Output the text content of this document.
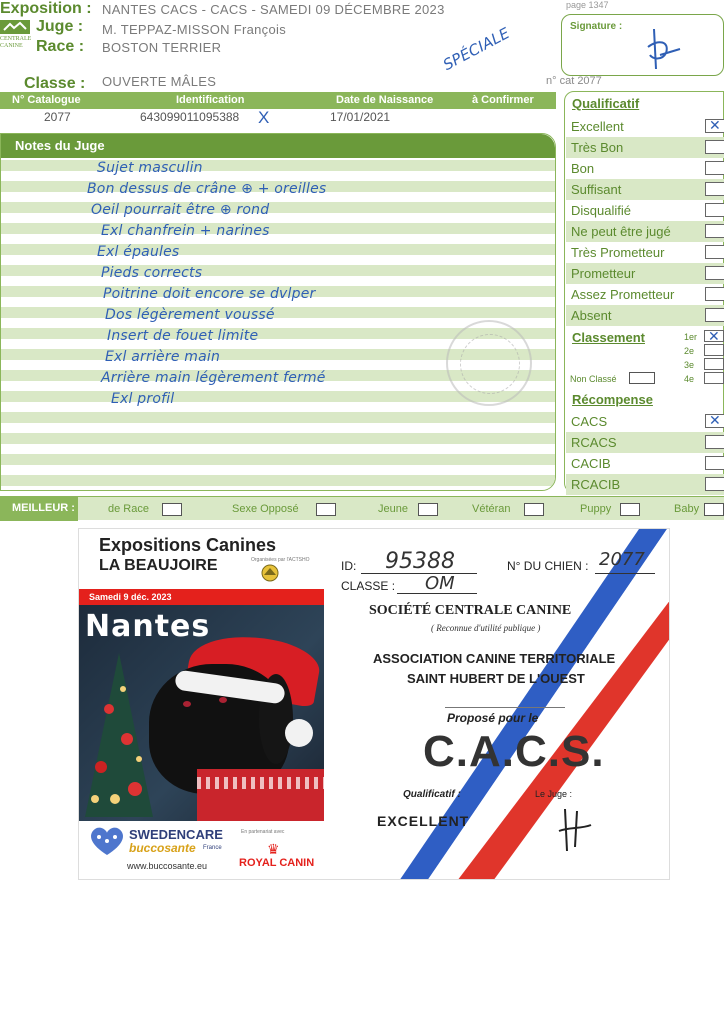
page 1347
Exposition : NANTES CACS - CACS - SAMEDI 09 DÉCEMBRE 2023
CENTRALE
CANINE
Juge : M. TEPPAZ-MISSON François
Race : BOSTON TERRIER
Classe : OUVERTE MÂLES
SPÉCIALE	Signature :
n° cat 2077
N° Catalogue	Identification	Date de Naissance	à Confirmer
2077	643099011095388 X	17/01/2021
Notes du Juge
Sujet masculin
Bon dessus de crâne ⊕ + oreilles
Oeil pourrait être ⊕ rond
Exl chanfrein + narines
Exl épaules
Pieds corrects
Poitrine doit encore se dvlper
Dos légèrement voussé
Insert de fouet limite
Exl arrière main
Arrière main légèrement fermé
Exl profil
Qualificatif
Excellent
✕
Très Bon
Bon
Suffisant
Disqualifié
Ne peut être jugé
Très Prometteur
Prometteur
Assez Prometteur
Absent
Classement
Non Classé
Récompense
CACS
✕
RCACS
CACIB
RCACIB
1er
✕
2e
3e
4e
MEILLEUR :	de Race	Sexe Opposé	Jeune	Vétéran	Puppy	Baby
Expositions Canines
LA BEAUJOIRE	Organisées par l'ACTSHO
Samedi 9 déc. 2023
Nantes
SWEDENCARE
buccosante France
www.buccosante.eu
En partenariat avec
♛
ROYAL CANIN
ID: 95388	N° DU CHIEN : 2077
CLASSE : OM
SOCIÉTÉ CENTRALE CANINE
( Reconnue d'utilité publique )
ASSOCIATION CANINE TERRITORIALE
SAINT HUBERT DE L'OUEST
Proposé pour le
C.A.C.S.
Qualificatif :	Le Juge :
EXCELLENT
